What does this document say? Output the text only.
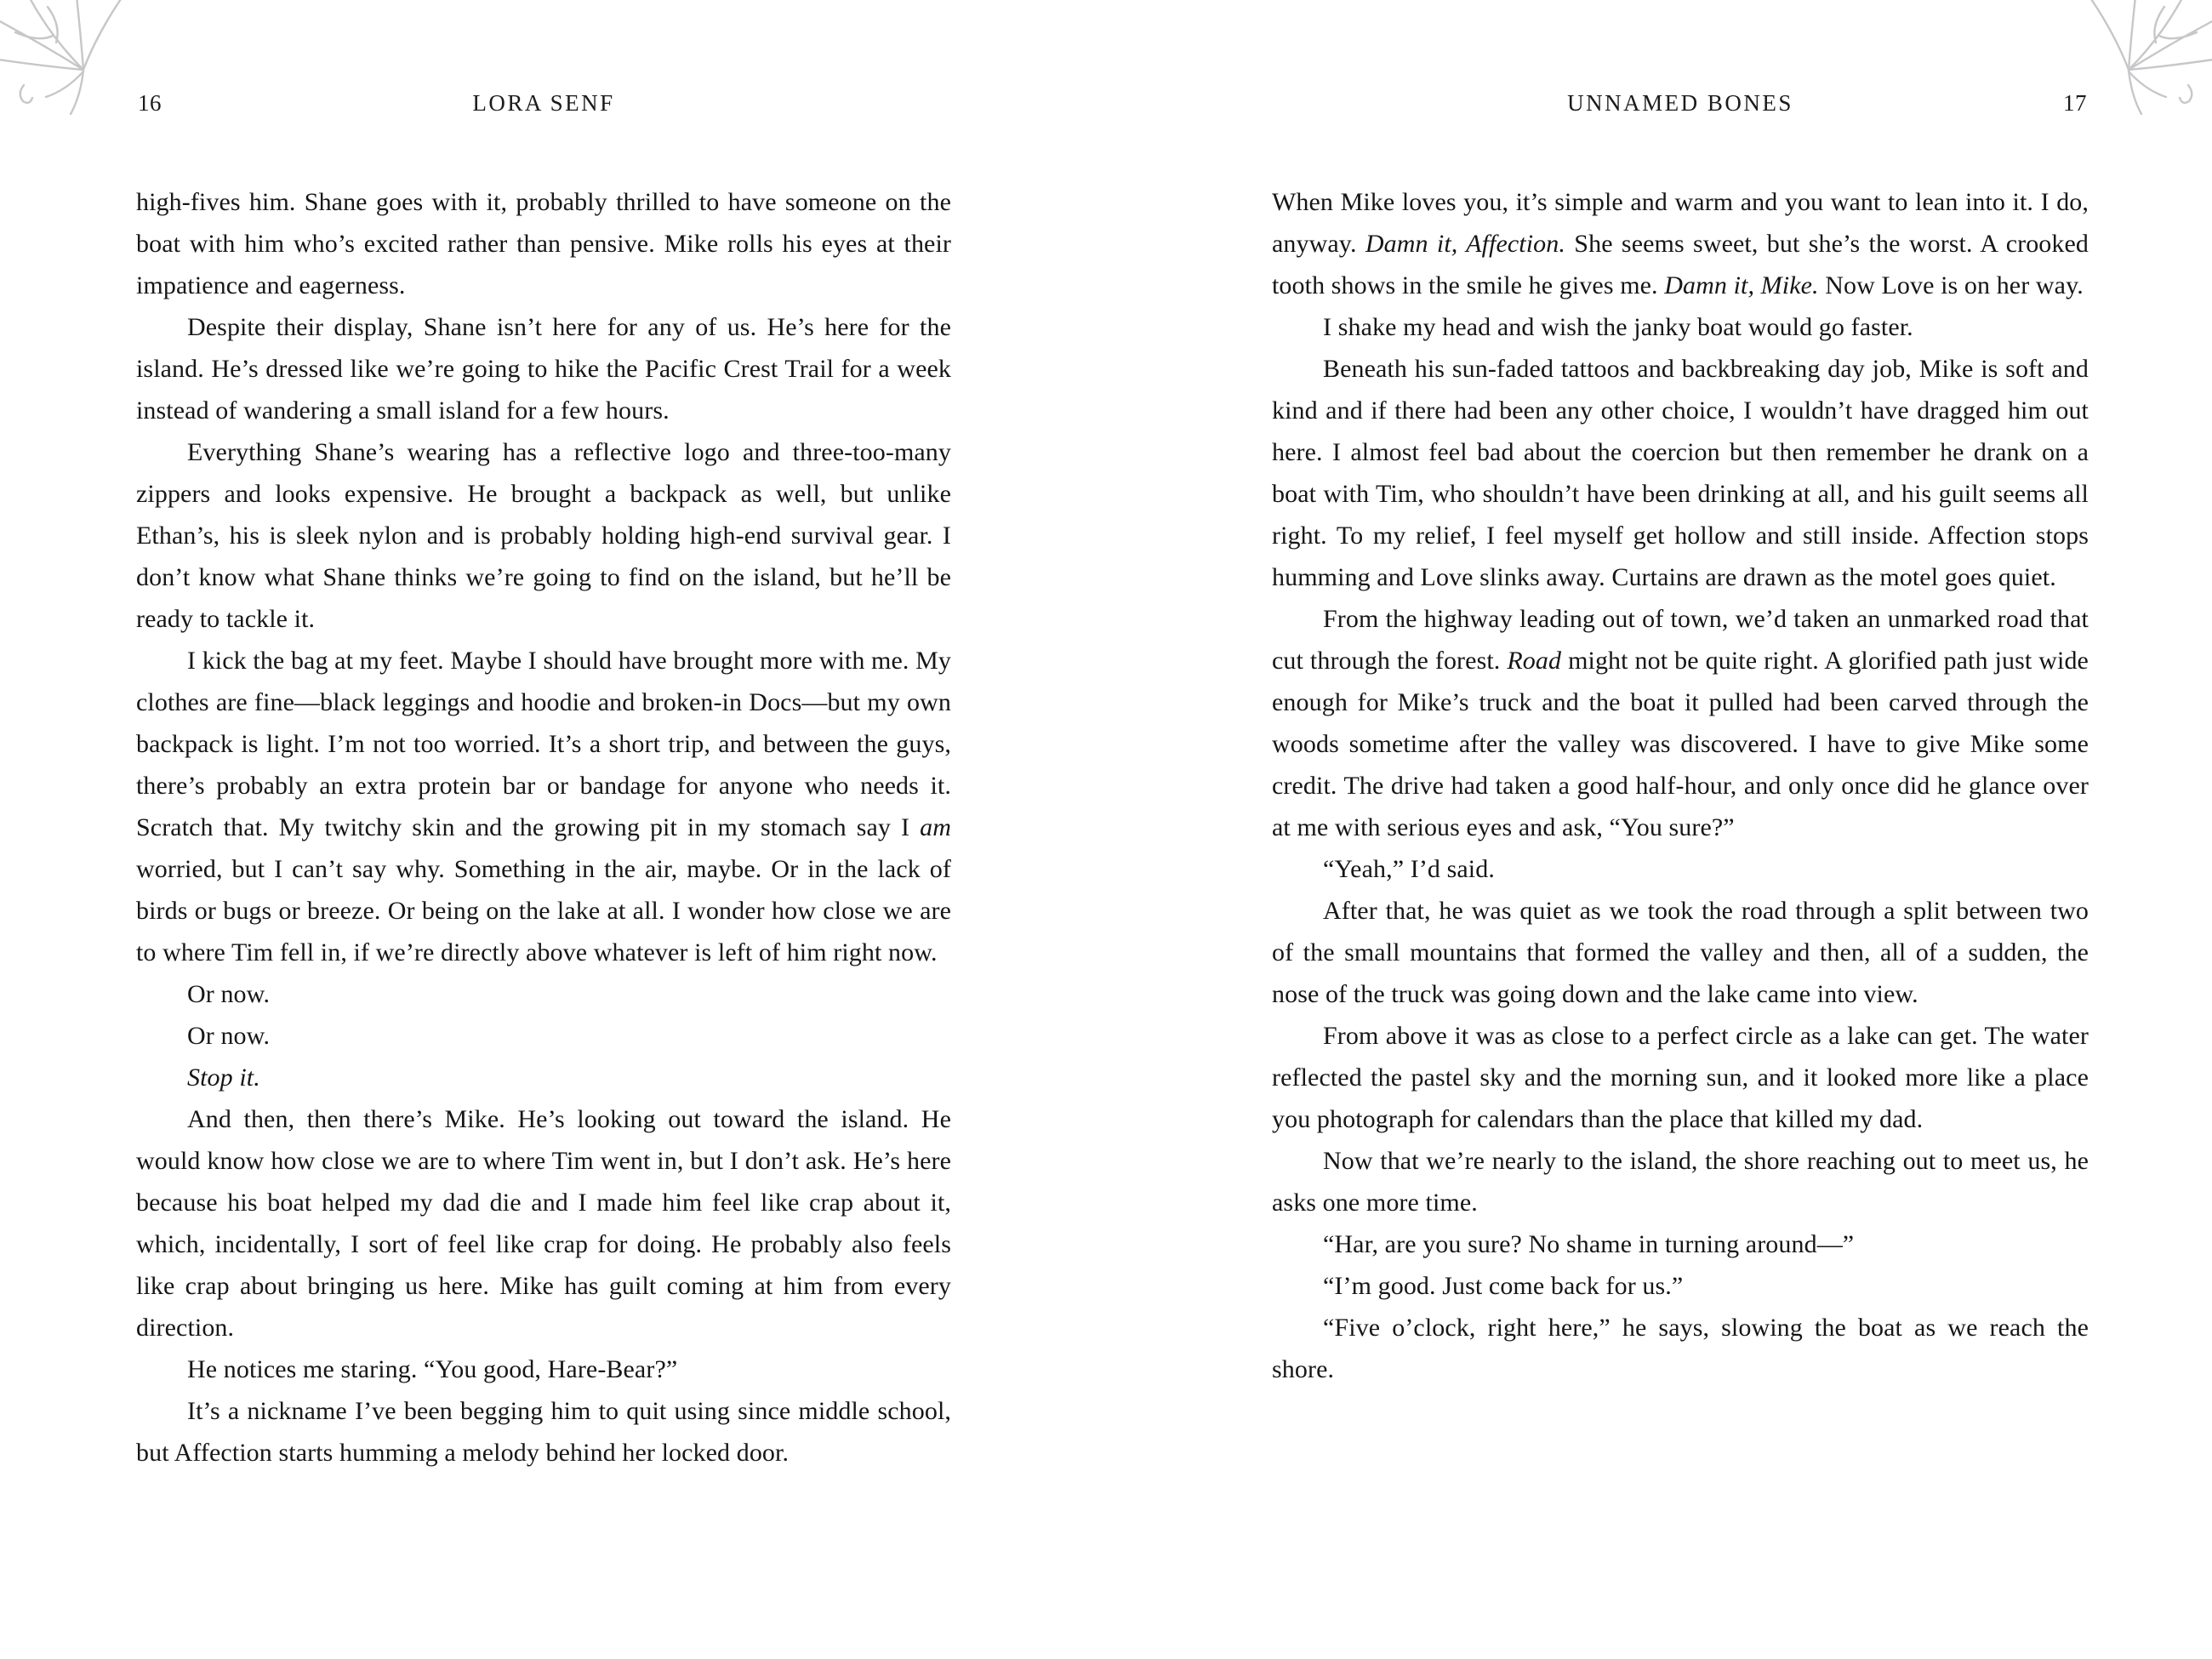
16	LORA SENF

high-fives him. Shane goes with it, probably thrilled to have someone on the boat with him who’s excited rather than pensive. Mike rolls his eyes at their impatience and eagerness.

Despite their display, Shane isn’t here for any of us. He’s here for the island. He’s dressed like we’re going to hike the Pacific Crest Trail for a week instead of wandering a small island for a few hours.

Everything Shane’s wearing has a reflective logo and three-too-many zippers and looks expensive. He brought a backpack as well, but unlike Ethan’s, his is sleek nylon and is probably holding high-end survival gear. I don’t know what Shane thinks we’re going to find on the island, but he’ll be ready to tackle it.

I kick the bag at my feet. Maybe I should have brought more with me. My clothes are fine—black leggings and hoodie and broken-in Docs—but my own backpack is light. I’m not too worried. It’s a short trip, and between the guys, there’s probably an extra protein bar or bandage for anyone who needs it. Scratch that. My twitchy skin and the growing pit in my stomach say I am worried, but I can’t say why. Something in the air, maybe. Or in the lack of birds or bugs or breeze. Or being on the lake at all. I wonder how close we are to where Tim fell in, if we’re directly above whatever is left of him right now.

Or now.

Or now.

Stop it.

And then, then there’s Mike. He’s looking out toward the island. He would know how close we are to where Tim went in, but I don’t ask. He’s here because his boat helped my dad die and I made him feel like crap about it, which, incidentally, I sort of feel like crap for doing. He probably also feels like crap about bringing us here. Mike has guilt coming at him from every direction.

He notices me staring. “You good, Hare-Bear?”

It’s a nickname I’ve been begging him to quit using since middle school, but Affection starts humming a melody behind her locked door.

UNNAMED BONES	17

When Mike loves you, it’s simple and warm and you want to lean into it. I do, anyway. Damn it, Affection. She seems sweet, but she’s the worst. A crooked tooth shows in the smile he gives me. Damn it, Mike. Now Love is on her way.

I shake my head and wish the janky boat would go faster.

Beneath his sun-faded tattoos and backbreaking day job, Mike is soft and kind and if there had been any other choice, I wouldn’t have dragged him out here. I almost feel bad about the coercion but then remember he drank on a boat with Tim, who shouldn’t have been drinking at all, and his guilt seems all right. To my relief, I feel myself get hollow and still inside. Affection stops humming and Love slinks away. Curtains are drawn as the motel goes quiet.

From the highway leading out of town, we’d taken an unmarked road that cut through the forest. Road might not be quite right. A glorified path just wide enough for Mike’s truck and the boat it pulled had been carved through the woods sometime after the valley was discovered. I have to give Mike some credit. The drive had taken a good half-hour, and only once did he glance over at me with serious eyes and ask, “You sure?”

“Yeah,” I’d said.

After that, he was quiet as we took the road through a split between two of the small mountains that formed the valley and then, all of a sudden, the nose of the truck was going down and the lake came into view.

From above it was as close to a perfect circle as a lake can get. The water reflected the pastel sky and the morning sun, and it looked more like a place you photograph for calendars than the place that killed my dad.

Now that we’re nearly to the island, the shore reaching out to meet us, he asks one more time.

“Har, are you sure? No shame in turning around—”

“I’m good. Just come back for us.”

“Five o’clock, right here,” he says, slowing the boat as we reach the shore.
